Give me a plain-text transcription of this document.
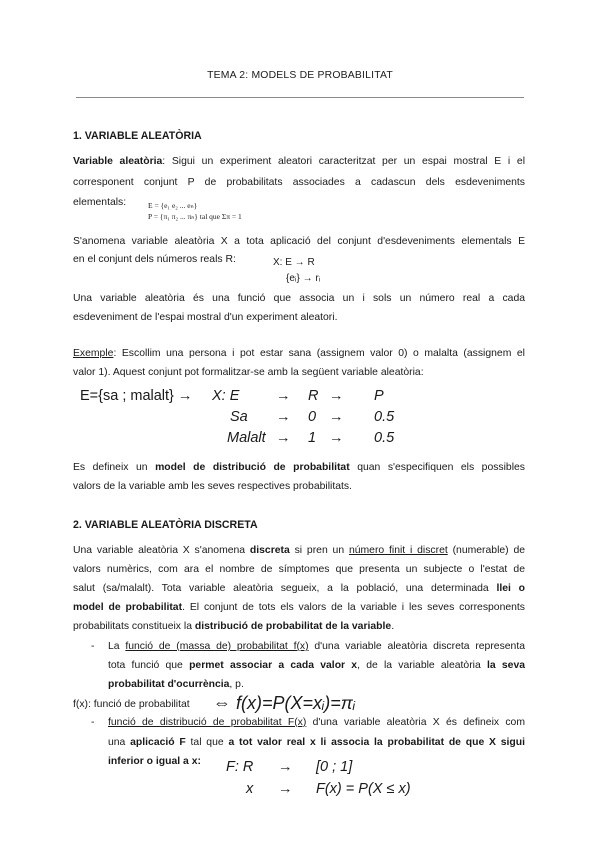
TEMA 2: MODELS DE PROBABILITAT
1. VARIABLE ALEATÒRIA
Variable aleatòria: Sigui un experiment aleatori caracteritzat per un espai mostral E i el
corresponent conjunt P de probabilitats associades a cadascun dels esdeveniments
elementals:	E = {e₁ e₂ ... eₙ}
P = {π₁ π₂ ... πₙ} tal que Σπ = 1
S'anomena variable aleatòria X a tota aplicació del conjunt d'esdeveniments elementals E
en el conjunt dels números reals R:	X: E → R
{eᵢ} → rᵢ
Una variable aleatòria és una funció que associa un i sols un número real a cada
esdeveniment de l'espai mostral d'un experiment aleatori.
Exemple: Escollim una persona i pot estar sana (assignem valor 0) o malalta (assignem el
valor 1). Aquest conjunt pot formalitzar-se amb la següent variable aleatòria:
E={sa ; malalt} → X: E	→ R → P
Sa → 0 → 0.5
Malalt → 1 → 0.5
Es defineix un model de distribució de probabilitat quan s'especifiquen els possibles
valors de la variable amb les seves respectives probabilitats.
2. VARIABLE ALEATÒRIA DISCRETA
Una variable aleatòria X s'anomena discreta si pren un número finit i discret (numerable) de
valors numèrics, com ara el nombre de símptomes que presenta un subjecte o l'estat de
salut (sa/malalt). Tota variable aleatòria segueix, a la població, una determinada llei o
model de probabilitat. El conjunt de tots els valors de la variable i les seves corresponents
probabilitats constitueix la distribució de probabilitat de la variable.
- La funció de (massa de) probabilitat f(x) d'una variable aleatòria discreta representa
tota funció que permet associar a cada valor x, de la variable aleatòria la seva
probabilitat d'ocurrència, p.
f(x): funció de probabilitat ⇔ f(x)=P(X=xᵢ)=πᵢ
- funció de distribució de probabilitat F(x) d'una variable aleatòria X és defineix com
una aplicació F tal que a tot valor real x li associa la probabilitat de que X sigui
inferior o igual a x: F: R → [0 ; 1]
x → F(x) = P(X ≤ x)
